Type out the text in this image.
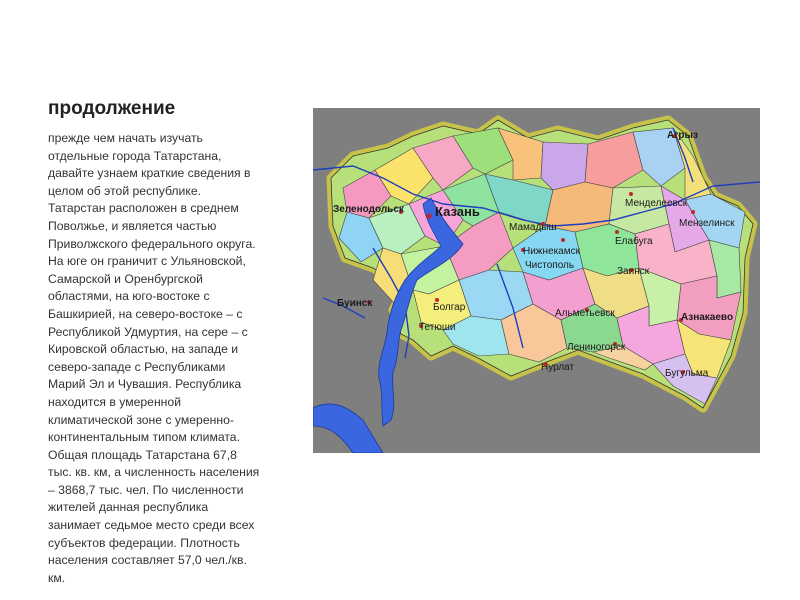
продолжение
прежде чем начать изучать
отдельные города Татарстана,
давайте узнаем краткие сведения в
целом об этой республике.
Татарстан расположен в среднем
Поволжье, и является частью
Приволжского федерального округа.
На юге он граничит с Ульяновской,
Самарской и Оренбургской
областями, на юго-востоке с
Башкирией, на северо-востоке – с
Республикой Удмуртия, на сере – с
Кировской областью, на западе и
северо-западе с Республиками
Марий Эл и Чувашия. Республика
находится в умеренной
климатической зоне с умеренно-
континентальным типом климата.
Общая площадь Татарстана 67,8
тыс. кв. км, а численность населения
– 3868,7 тыс. чел. По численности
жителей данная республика
занимает седьмое место среди всех
субъектов федерации. Плотность
населения составляет 57,0 чел./кв.
км.
Агрыз
Зеленодольск Казань
Мамадыш
Менделеевск
Мензелинск
Нижнекамск
Чистополь
Елабуга
Заинск
Буинск	Болгар
Тетюши
Альметьевск	Азнакаево
Лениногорск
Нурлат
Бугульма
